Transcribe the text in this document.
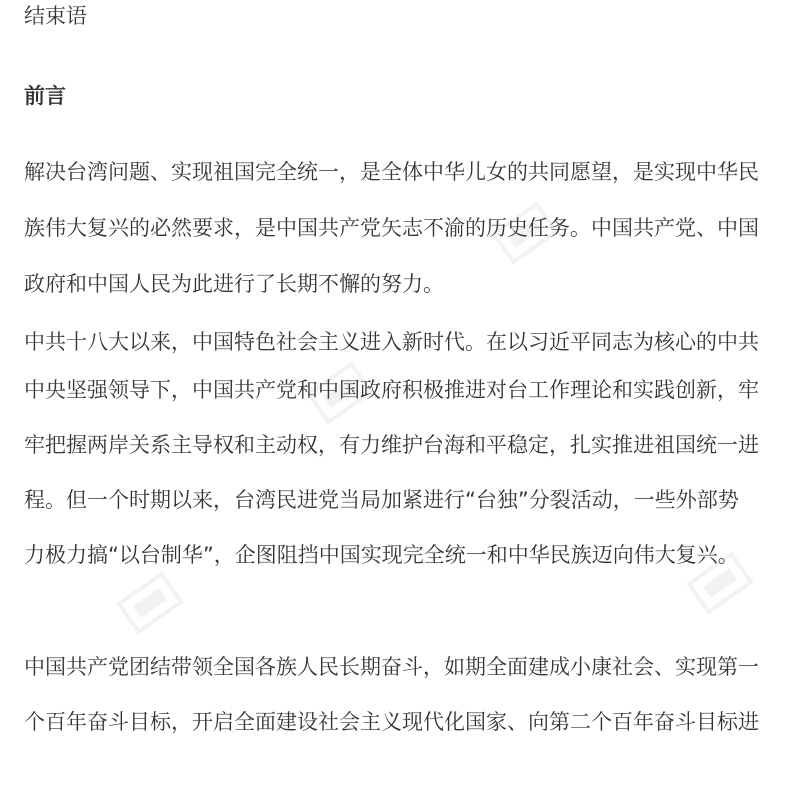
结束语
前言
解决台湾问题、实现祖国完全统一，是全体中华儿女的共同愿望，是实现中华民
族伟大复兴的必然要求，是中国共产党矢志不渝的历史任务。中国共产党、中国
政府和中国人民为此进行了长期不懈的努力。
中共十八大以来，中国特色社会主义进入新时代。在以习近平同志为核心的中共
中央坚强领导下，中国共产党和中国政府积极推进对台工作理论和实践创新，牢
牢把握两岸关系主导权和主动权，有力维护台海和平稳定，扎实推进祖国统一进
程。但一个时期以来，台湾民进党当局加紧进行“台独”分裂活动，一些外部势
力极力搞“以台制华”，企图阻挡中国实现完全统一和中华民族迈向伟大复兴。
中国共产党团结带领全国各族人民长期奋斗，如期全面建成小康社会、实现第一
个百年奋斗目标，开启全面建设社会主义现代化国家、向第二个百年奋斗目标进
